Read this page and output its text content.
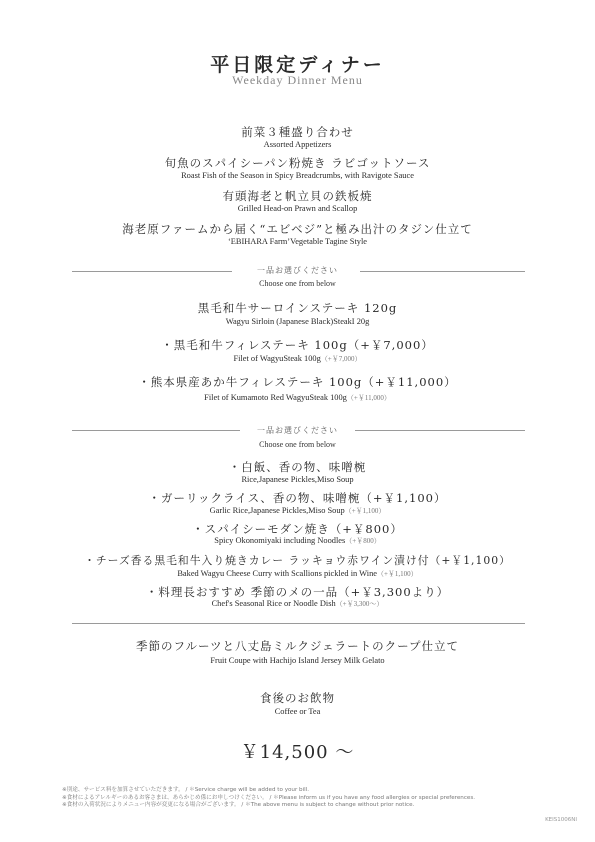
平日限定ディナー
Weekday Dinner Menu
前菜３種盛り合わせ
Assorted Appetizers
旬魚のスパイシーパン粉焼き ラビゴットソース
Roast Fish of the Season in Spicy Breadcrumbs, with Ravigote Sauce
有頭海老と帆立貝の鉄板焼
Grilled Head-on Prawn and Scallop
海老原ファームから届く“エビベジ”と極み出汁のタジン仕立て
‘EBIHARA Farm’Vegetable Tagine Style
一品お選びください
Choose one from below
黒毛和牛サーロインステーキ 120g
Wagyu Sirloin (Japanese Black)SteakI 20g
・黒毛和牛フィレステーキ 100g（+￥7,000）
Filet of WagyuSteak 100g（+￥7,000）
・熊本県産あか牛フィレステーキ 100g（+￥11,000）
Filet of Kumamoto Red WagyuSteak 100g（+￥11,000）
一品お選びください
Choose one from below
・白飯、香の物、味噌椀
Rice,Japanese Pickles,Miso Soup
・ガーリックライス、香の物、味噌椀（+￥1,100）
Garlic Rice,Japanese Pickles,Miso Soup（+￥1,100）
・スパイシーモダン焼き（+￥800）
Spicy Okonomiyaki including Noodles（+￥800）
・チーズ香る黒毛和牛入り焼きカレー ラッキョウ赤ワイン漬け付（+￥1,100）
Baked Wagyu Cheese Curry with Scallions pickled in Wine（+￥1,100）
・料理長おすすめ 季節のメの一品（+￥3,300より）
Chef's Seasonal Rice or Noodle Dish（+￥3,300〜）
季節のフルーツと八丈島ミルクジェラートのクープ仕立て
Fruit Coupe with Hachijo Island Jersey Milk Gelato
食後のお飲物
Coffee or Tea
￥14,500 〜
※別途、サービス料を加算させていただきます。 / ＊Service charge will be added to your bill.
※食材によるアレルギーのあるお客さまは、あらかじめ係にお申しつけください。 / ＊Please inform us if you have any food allergies or special preferences.
※食材の入荷状況によりメニュー内容が変更になる場合がございます。 / ＊The above menu is subject to change without prior notice.
KEIS1006NI
